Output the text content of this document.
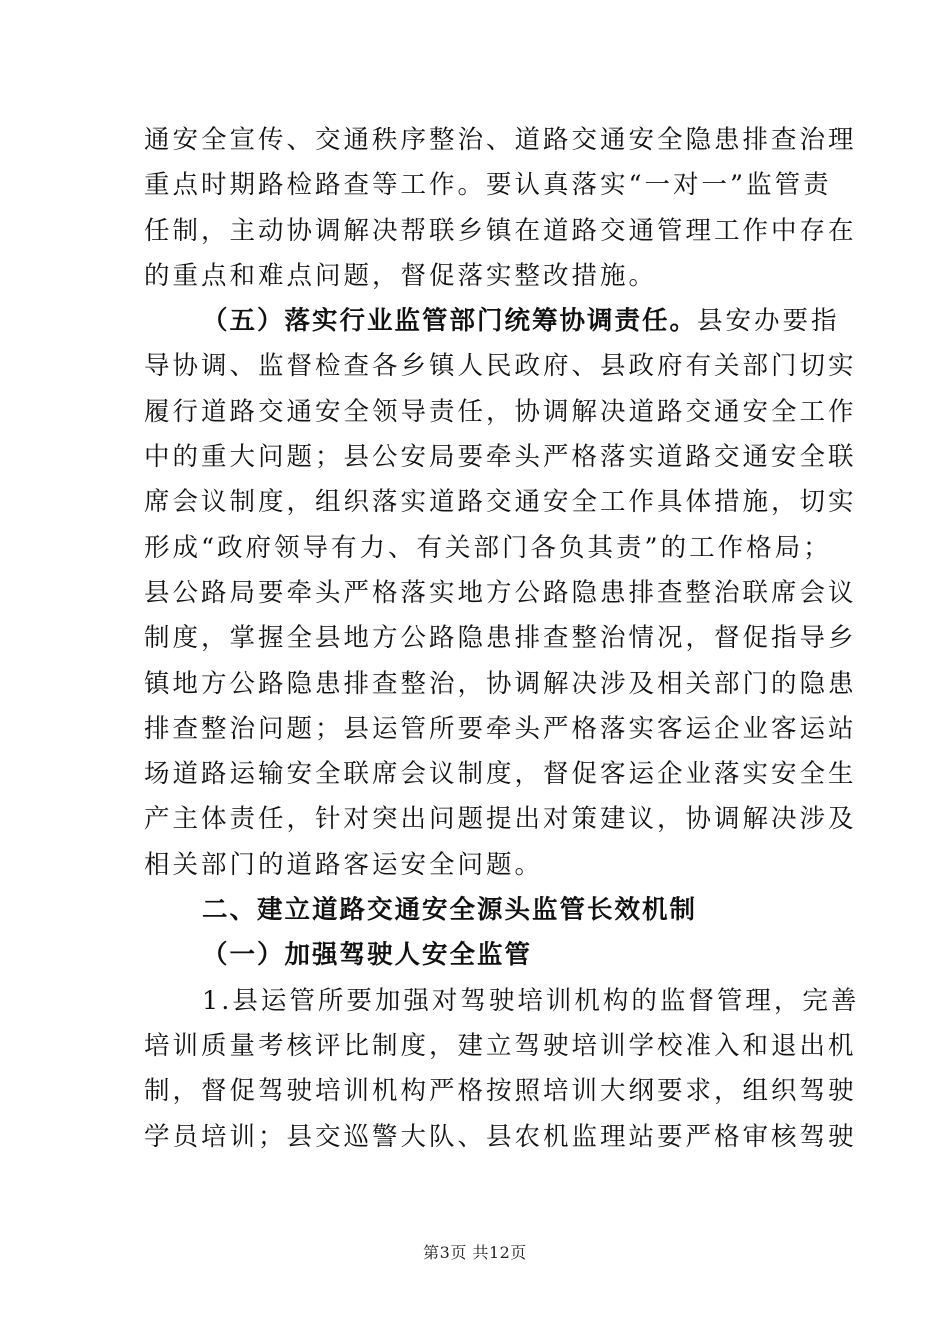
通安全宣传、交通秩序整治、道路交通安全隐患排查治理
重点时期路检路查等工作。要认真落实“一对一”监管责
任制，主动协调解决帮联乡镇在道路交通管理工作中存在
的重点和难点问题，督促落实整改措施。
（五）落实行业监管部门统筹协调责任。县安办要指
导协调、监督检查各乡镇人民政府、县政府有关部门切实
履行道路交通安全领导责任，协调解决道路交通安全工作
中的重大问题；县公安局要牵头严格落实道路交通安全联
席会议制度，组织落实道路交通安全工作具体措施，切实
形成“政府领导有力、有关部门各负其责”的工作格局；
县公路局要牵头严格落实地方公路隐患排查整治联席会议
制度，掌握全县地方公路隐患排查整治情况，督促指导乡
镇地方公路隐患排查整治，协调解决涉及相关部门的隐患
排查整治问题；县运管所要牵头严格落实客运企业客运站
场道路运输安全联席会议制度，督促客运企业落实安全生
产主体责任，针对突出问题提出对策建议，协调解决涉及
相关部门的道路客运安全问题。
二、建立道路交通安全源头监管长效机制
（一）加强驾驶人安全监管
1.县运管所要加强对驾驶培训机构的监督管理，完善
培训质量考核评比制度，建立驾驶培训学校准入和退出机
制，督促驾驶培训机构严格按照培训大纲要求，组织驾驶
学员培训；县交巡警大队、县农机监理站要严格审核驾驶
第3页 共12页
